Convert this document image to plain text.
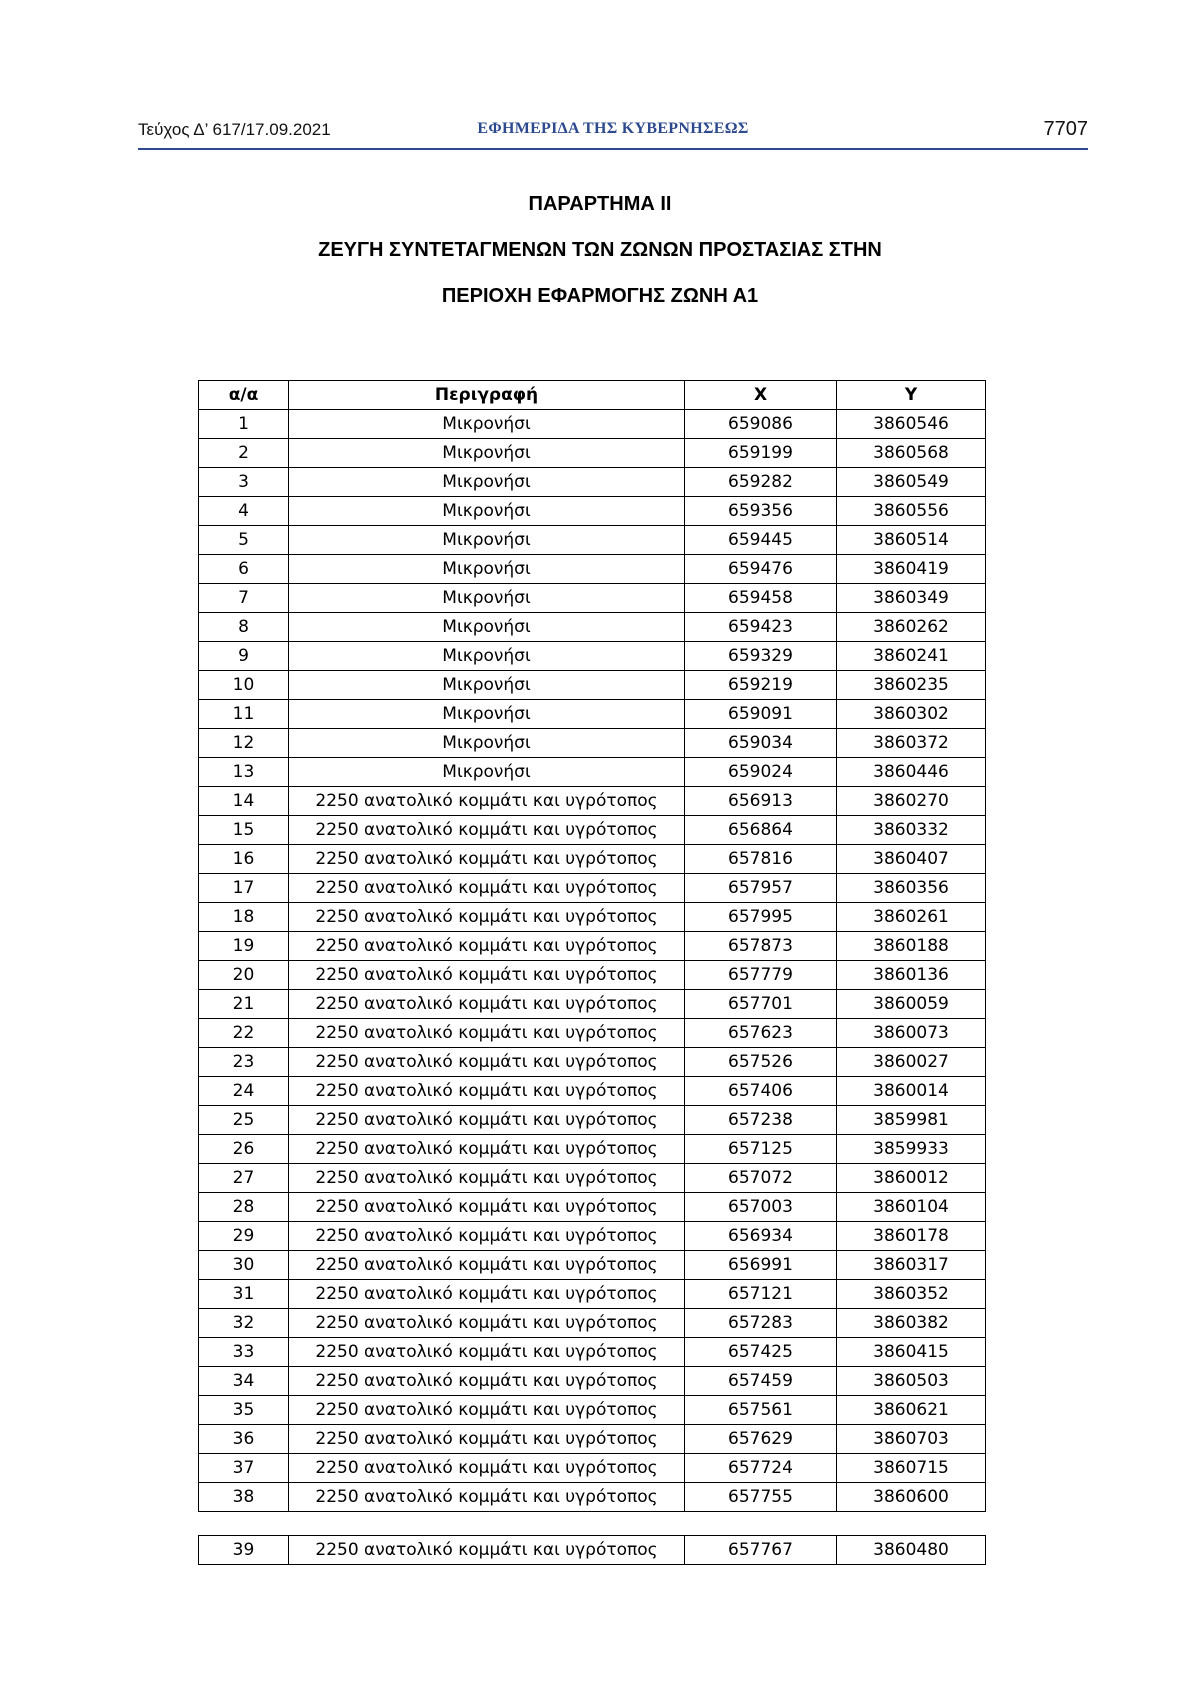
Τεύχος Δ’ 617/17.09.2021	ΕΦΗΜΕΡΙΔΑ ΤΗΣ ΚΥΒΕΡΝΗΣΕΩΣ	7707
ΠΑΡΑΡΤΗΜΑ ΙΙ
ΖΕΥΓΗ ΣΥΝΤΕΤΑΓΜΕΝΩΝ ΤΩΝ ΖΩΝΩΝ ΠΡΟΣΤΑΣΙΑΣ ΣΤΗΝ
ΠΕΡΙΟΧΗ ΕΦΑΡΜΟΓΗΣ ΖΩΝΗ Α1
α/α	Περιγραφή	X	Y
1	Μικρονήσι	659086	3860546
2	Μικρονήσι	659199	3860568
3	Μικρονήσι	659282	3860549
4	Μικρονήσι	659356	3860556
5	Μικρονήσι	659445	3860514
6	Μικρονήσι	659476	3860419
7	Μικρονήσι	659458	3860349
8	Μικρονήσι	659423	3860262
9	Μικρονήσι	659329	3860241
10	Μικρονήσι	659219	3860235
11	Μικρονήσι	659091	3860302
12	Μικρονήσι	659034	3860372
13	Μικρονήσι	659024	3860446
14	2250 ανατολικό κομμάτι και υγρότοπος	656913	3860270
15	2250 ανατολικό κομμάτι και υγρότοπος	656864	3860332
16	2250 ανατολικό κομμάτι και υγρότοπος	657816	3860407
17	2250 ανατολικό κομμάτι και υγρότοπος	657957	3860356
18	2250 ανατολικό κομμάτι και υγρότοπος	657995	3860261
19	2250 ανατολικό κομμάτι και υγρότοπος	657873	3860188
20	2250 ανατολικό κομμάτι και υγρότοπος	657779	3860136
21	2250 ανατολικό κομμάτι και υγρότοπος	657701	3860059
22	2250 ανατολικό κομμάτι και υγρότοπος	657623	3860073
23	2250 ανατολικό κομμάτι και υγρότοπος	657526	3860027
24	2250 ανατολικό κομμάτι και υγρότοπος	657406	3860014
25	2250 ανατολικό κομμάτι και υγρότοπος	657238	3859981
26	2250 ανατολικό κομμάτι και υγρότοπος	657125	3859933
27	2250 ανατολικό κομμάτι και υγρότοπος	657072	3860012
28	2250 ανατολικό κομμάτι και υγρότοπος	657003	3860104
29	2250 ανατολικό κομμάτι και υγρότοπος	656934	3860178
30	2250 ανατολικό κομμάτι και υγρότοπος	656991	3860317
31	2250 ανατολικό κομμάτι και υγρότοπος	657121	3860352
32	2250 ανατολικό κομμάτι και υγρότοπος	657283	3860382
33	2250 ανατολικό κομμάτι και υγρότοπος	657425	3860415
34	2250 ανατολικό κομμάτι και υγρότοπος	657459	3860503
35	2250 ανατολικό κομμάτι και υγρότοπος	657561	3860621
36	2250 ανατολικό κομμάτι και υγρότοπος	657629	3860703
37	2250 ανατολικό κομμάτι και υγρότοπος	657724	3860715
38	2250 ανατολικό κομμάτι και υγρότοπος	657755	3860600
39	2250 ανατολικό κομμάτι και υγρότοπος	657767	3860480
